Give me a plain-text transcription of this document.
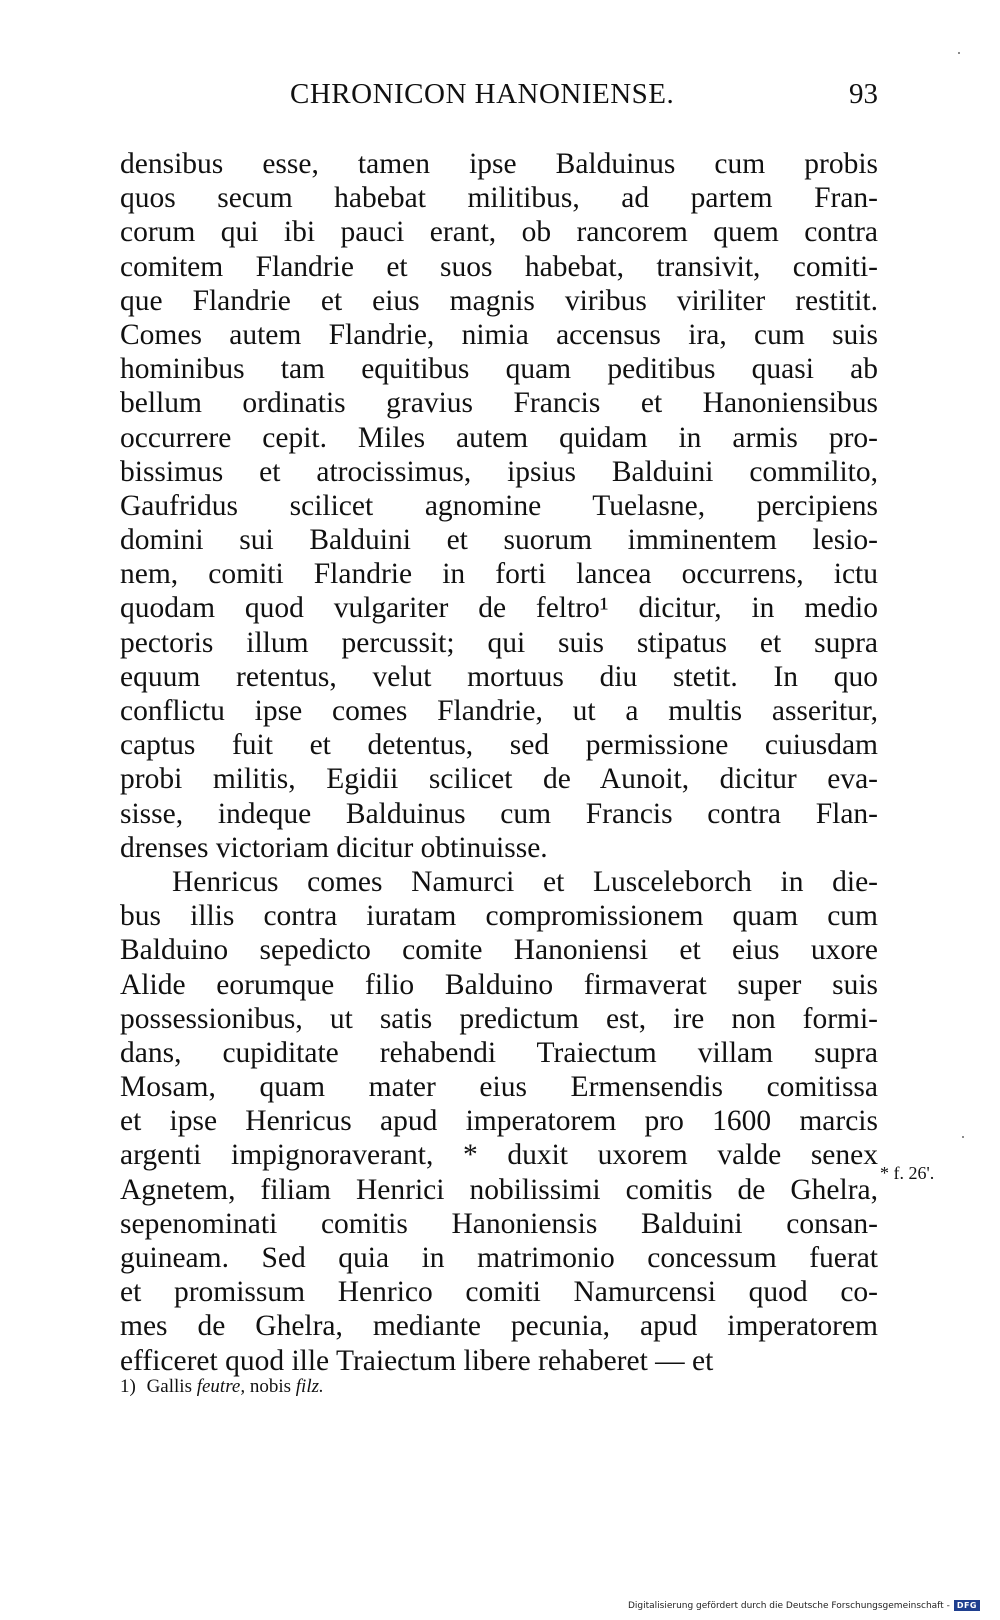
CHRONICON HANONIENSE.	93
densibus esse, tamen ipse Balduinus cum probis
quos secum habebat militibus, ad partem Fran-
corum qui ibi pauci erant, ob rancorem quem contra
comitem Flandrie et suos habebat, transivit, comiti-
que Flandrie et eius magnis viribus viriliter restitit.
Comes autem Flandrie, nimia accensus ira, cum suis
hominibus tam equitibus quam peditibus quasi ab
bellum ordinatis gravius Francis et Hanoniensibus
occurrere cepit. Miles autem quidam in armis pro-
bissimus et atrocissimus, ipsius Balduini commilito,
Gaufridus scilicet agnomine Tuelasne, percipiens
domini sui Balduini et suorum imminentem lesio-
nem, comiti Flandrie in forti lancea occurrens, ictu
quodam quod vulgariter de feltro¹ dicitur, in medio
pectoris illum percussit; qui suis stipatus et supra
equum retentus, velut mortuus diu stetit. In quo
conflictu ipse comes Flandrie, ut a multis asseritur,
captus fuit et detentus, sed permissione cuiusdam
probi militis, Egidii scilicet de Aunoit, dicitur eva-
sisse, indeque Balduinus cum Francis contra Flan-
drenses victoriam dicitur obtinuisse.
Henricus comes Namurci et Lusceleborch in die-
bus illis contra iuratam compromissionem quam cum
Balduino sepedicto comite Hanoniensi et eius uxore
Alide eorumque filio Balduino firmaverat super suis
possessionibus, ut satis predictum est, ire non formi-
dans, cupiditate rehabendi Traiectum villam supra
Mosam, quam mater eius Ermensendis comitissa
et ipse Henricus apud imperatorem pro 1600 marcis
argenti impignoraverant, * duxit uxorem valde senex
Agnetem, filiam Henrici nobilissimi comitis de Ghelra,
sepenominati comitis Hanoniensis Balduini consan-
guineam. Sed quia in matrimonio concessum fuerat
et promissum Henrico comiti Namurcensi quod co-
mes de Ghelra, mediante pecunia, apud imperatorem
efficeret quod ille Traiectum libere rehaberet — et
* f. 26'.
1) Gallis feutre, nobis filz.
Digitalisierung gefördert durch die Deutsche Forschungsgemeinschaft - DFG
